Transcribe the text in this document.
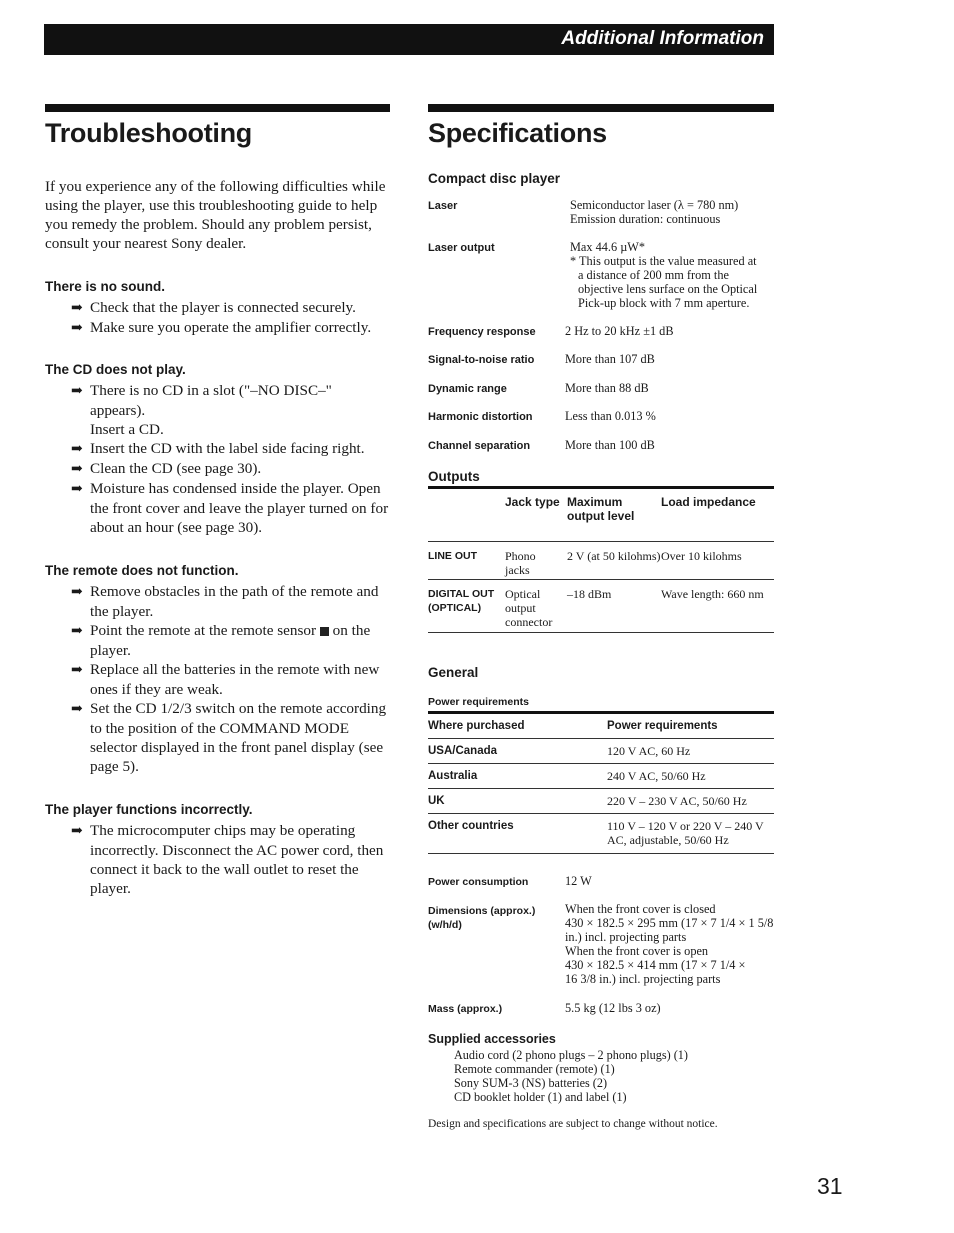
Additional Information
Troubleshooting
If you experience any of the following difficulties while using the player, use this troubleshooting guide to help you remedy the problem. Should any problem persist, consult your nearest Sony dealer.
There is no sound.
➡ Check that the player is connected securely.
➡ Make sure you operate the amplifier correctly.
The CD does not play.
➡ There is no CD in a slot ("–NO DISC–" appears).
Insert a CD.
➡ Insert the CD with the label side facing right.
➡ Clean the CD (see page 30).
➡ Moisture has condensed inside the player. Open the front cover and leave the player turned on for about an hour (see page 30).
The remote does not function.
➡ Remove obstacles in the path of the remote and the player.
➡ Point the remote at the remote sensor on the player.
➡ Replace all the batteries in the remote with new ones if they are weak.
➡ Set the CD 1/2/3 switch on the remote according to the position of the COMMAND MODE selector displayed in the front panel display (see page 5).
The player functions incorrectly.
➡ The microcomputer chips may be operating incorrectly. Disconnect the AC power cord, then connect it back to the wall outlet to reset the player.
Specifications
Compact disc player
Laser	Semiconductor laser (λ = 780 nm)
Emission duration: continuous
Laser output	Max 44.6 µW*
* This output is the value measured at
a distance of 200 mm from the
objective lens surface on the Optical
Pick-up block with 7 mm aperture.
Frequency response 2 Hz to 20 kHz ±1 dB
Signal-to-noise ratio More than 107 dB
Dynamic range	More than 88 dB
Harmonic distortion	Less than 0.013 %
Channel separation	More than 100 dB
Outputs
	Jack type	Maximum output level	Load impedance
LINE OUT	Phono jacks	2 V (at 50 kilohms)	Over 10 kilohms
DIGITAL OUT (OPTICAL)	Optical output connector	–18 dBm	Wave length: 660 nm
General
Power requirements
Where purchased	Power requirements
USA/Canada	120 V AC, 60 Hz
Australia	240 V AC, 50/60 Hz
UK	220 V – 230 V AC, 50/60 Hz
Other countries	110 V – 120 V or 220 V – 240 V AC, adjustable, 50/60 Hz
Power consumption	12 W
Dimensions (approx.) (w/h/d)
When the front cover is closed
430 × 182.5 × 295 mm (17 × 7 1/4 × 1 5/8
in.) incl. projecting parts
When the front cover is open
430 × 182.5 × 414 mm (17 × 7 1/4 ×
16 3/8 in.) incl. projecting parts
Mass (approx.)	5.5 kg (12 lbs 3 oz)
Supplied accessories
Audio cord (2 phono plugs – 2 phono plugs) (1)
Remote commander (remote) (1)
Sony SUM-3 (NS) batteries (2)
CD booklet holder (1) and label (1)
Design and specifications are subject to change without notice.
31
